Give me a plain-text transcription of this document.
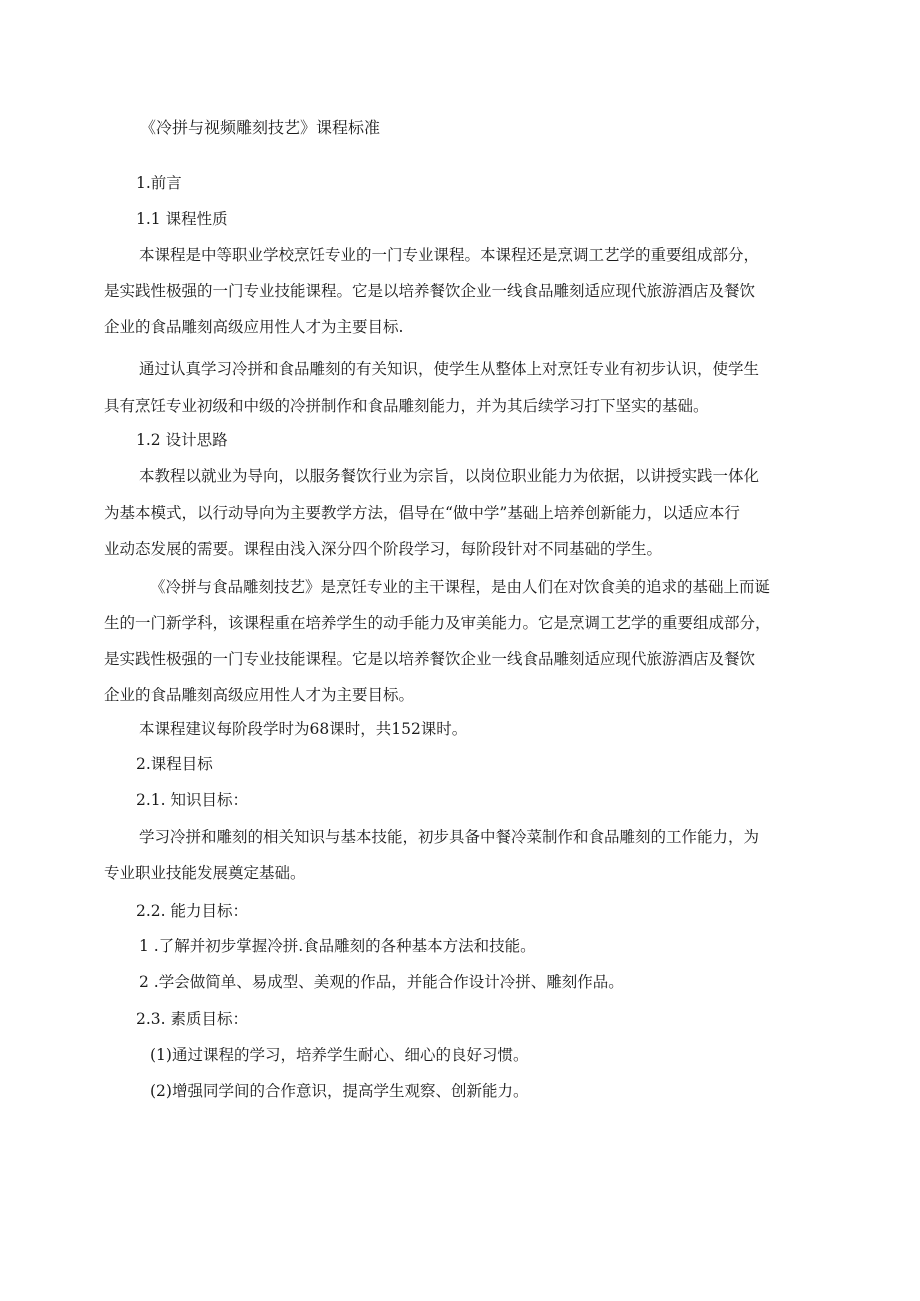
《冷拼与视频雕刻技艺》课程标准
1.前言
1.1 课程性质
本课程是中等职业学校烹饪专业的一门专业课程。本课程还是烹调工艺学的重要组成部分，
是实践性极强的一门专业技能课程。它是以培养餐饮企业一线食品雕刻适应现代旅游酒店及餐饮
企业的食品雕刻高级应用性人才为主要目标.
通过认真学习冷拼和食品雕刻的有关知识，使学生从整体上对烹饪专业有初步认识，使学生
具有烹饪专业初级和中级的冷拼制作和食品雕刻能力，并为其后续学习打下坚实的基础。
1.2 设计思路
本教程以就业为导向，以服务餐饮行业为宗旨，以岗位职业能力为依据，以讲授实践一体化
为基本模式，以行动导向为主要教学方法，倡导在“做中学”基础上培养创新能力，以适应本行
业动态发展的需要。课程由浅入深分四个阶段学习，每阶段针对不同基础的学生。
《冷拼与食品雕刻技艺》是烹饪专业的主干课程，是由人们在对饮食美的追求的基础上而诞
生的一门新学科，该课程重在培养学生的动手能力及审美能力。它是烹调工艺学的重要组成部分，
是实践性极强的一门专业技能课程。它是以培养餐饮企业一线食品雕刻适应现代旅游酒店及餐饮
企业的食品雕刻高级应用性人才为主要目标。
本课程建议每阶段学时为68课时，共152课时。
2.课程目标
2.1. 知识目标：
学习冷拼和雕刻的相关知识与基本技能，初步具备中餐冷菜制作和食品雕刻的工作能力，为
专业职业技能发展奠定基础。
2.2. 能力目标：
1 .了解并初步掌握冷拼.食品雕刻的各种基本方法和技能。
2 .学会做简单、易成型、美观的作品，并能合作设计冷拼、雕刻作品。
2.3. 素质目标：
(1)通过课程的学习，培养学生耐心、细心的良好习惯。
(2)增强同学间的合作意识，提高学生观察、创新能力。
